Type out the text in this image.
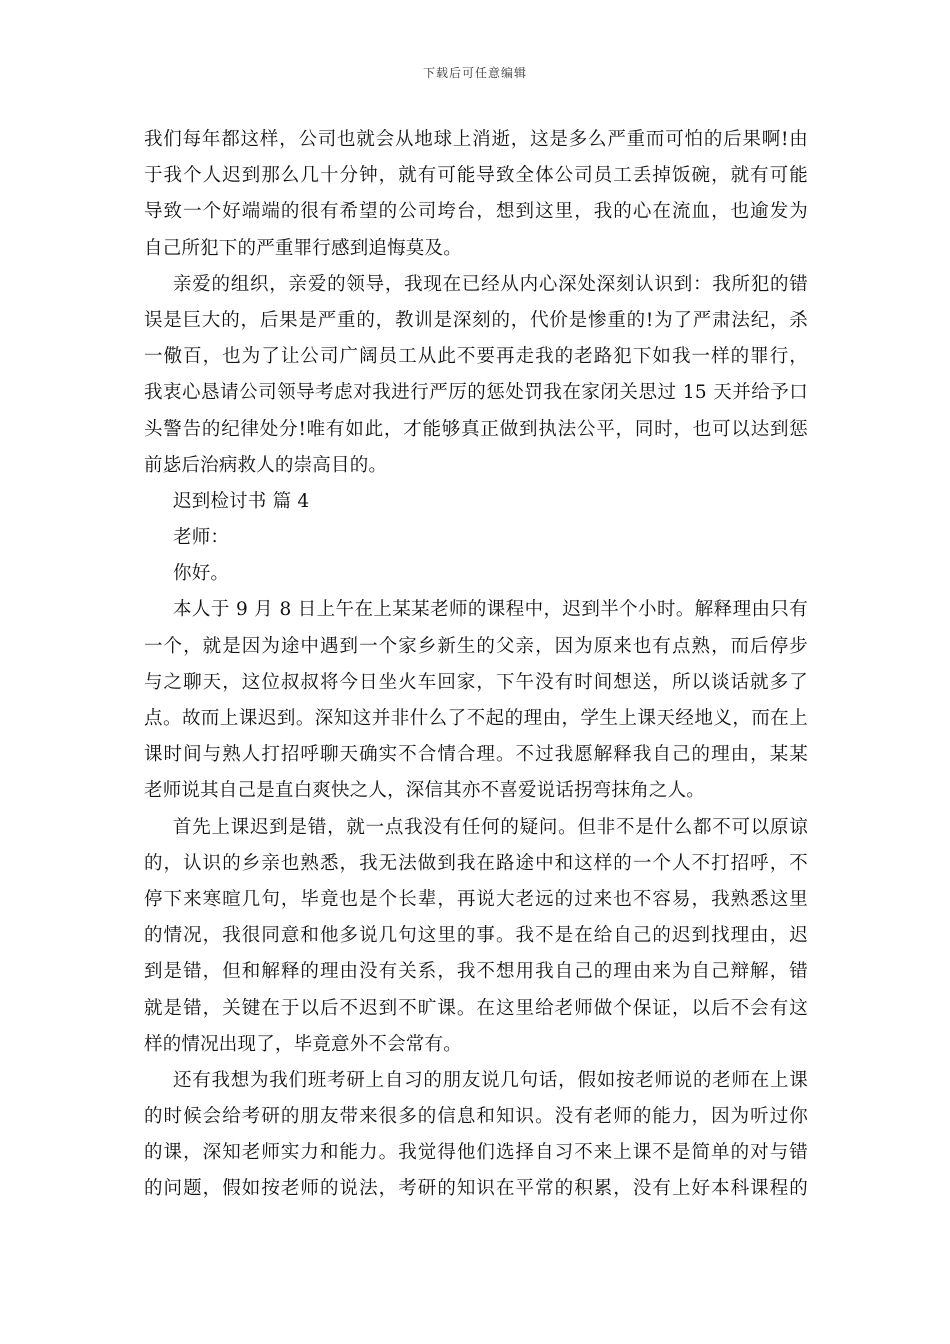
下载后可任意编辑
我们每年都这样，公司也就会从地球上消逝，这是多么严重而可怕的后果啊!由
于我个人迟到那么几十分钟，就有可能导致全体公司员工丢掉饭碗，就有可能
导致一个好端端的很有希望的公司垮台，想到这里，我的心在流血，也逾发为
自己所犯下的严重罪行感到追悔莫及。
亲爱的组织，亲爱的领导，我现在已经从内心深处深刻认识到：我所犯的错
误是巨大的，后果是严重的，教训是深刻的，代价是惨重的!为了严肃法纪，杀
一儆百，也为了让公司广阔员工从此不要再走我的老路犯下如我一样的罪行，
我衷心恳请公司领导考虑对我进行严厉的惩处罚我在家闭关思过 15 天并给予口
头警告的纪律处分!唯有如此，才能够真正做到执法公平，同时，也可以达到惩
前毖后治病救人的崇高目的。
迟到检讨书 篇 4
老师：
你好。
本人于 9 月 8 日上午在上某某老师的课程中，迟到半个小时。解释理由只有
一个，就是因为途中遇到一个家乡新生的父亲，因为原来也有点熟，而后停步
与之聊天，这位叔叔将今日坐火车回家，下午没有时间想送，所以谈话就多了
点。故而上课迟到。深知这并非什么了不起的理由，学生上课天经地义，而在上
课时间与熟人打招呼聊天确实不合情合理。不过我愿解释我自己的理由，某某
老师说其自己是直白爽快之人，深信其亦不喜爱说话拐弯抹角之人。
首先上课迟到是错，就一点我没有任何的疑问。但非不是什么都不可以原谅
的，认识的乡亲也熟悉，我无法做到我在路途中和这样的一个人不打招呼，不
停下来寒暄几句，毕竟也是个长辈，再说大老远的过来也不容易，我熟悉这里
的情况，我很同意和他多说几句这里的事。我不是在给自己的迟到找理由，迟
到是错，但和解释的理由没有关系，我不想用我自己的理由来为自己辩解，错
就是错，关键在于以后不迟到不旷课。在这里给老师做个保证，以后不会有这
样的情况出现了，毕竟意外不会常有。
还有我想为我们班考研上自习的朋友说几句话，假如按老师说的老师在上课
的时候会给考研的朋友带来很多的信息和知识。没有老师的能力，因为听过你
的课，深知老师实力和能力。我觉得他们选择自习不来上课不是简单的对与错
的问题，假如按老师的说法，考研的知识在平常的积累，没有上好本科课程的
